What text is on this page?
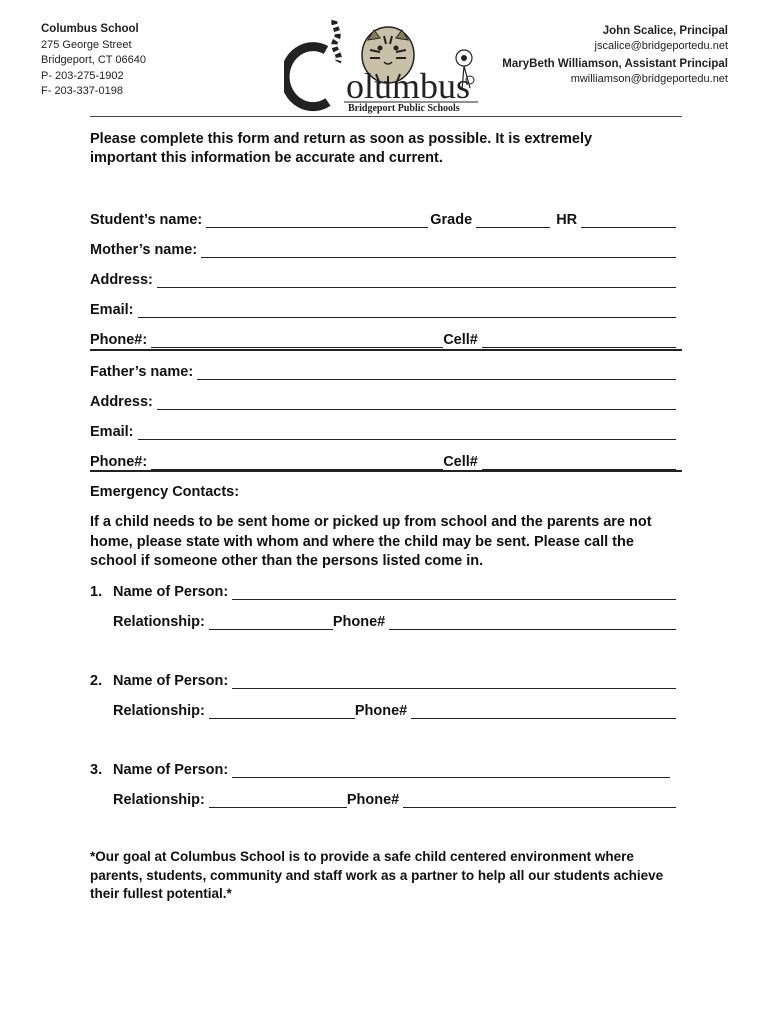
Columbus School
275 George Street
Bridgeport, CT 06640
P- 203-275-1902
F- 203-337-0198	olumbus
Bridgeport Public Schools
John Scalice, Principal
jscalice@bridgeportedu.net
MaryBeth Williamson, Assistant Principal
mwilliamson@bridgeportedu.net
Please complete this form and return as soon as possible. It is extremely important this information be accurate and current.
Student’s name:	Grade	HR
Mother’s name:
Address:
Email:
Phone#:	Cell#
Father’s name:
Address:
Email:
Phone#:	Cell#
Emergency Contacts:
If a child needs to be sent home or picked up from school and the parents are not home, please state with whom and where the child may be sent. Please call the school if someone other than the persons listed come in.
1. Name of Person:
Relationship:	Phone#
2. Name of Person:
Relationship:	Phone#
3. Name of Person:
Relationship:	Phone#
*Our goal at Columbus School is to provide a safe child centered environment where parents, students, community and staff work as a partner to help all our students achieve their fullest potential.*
